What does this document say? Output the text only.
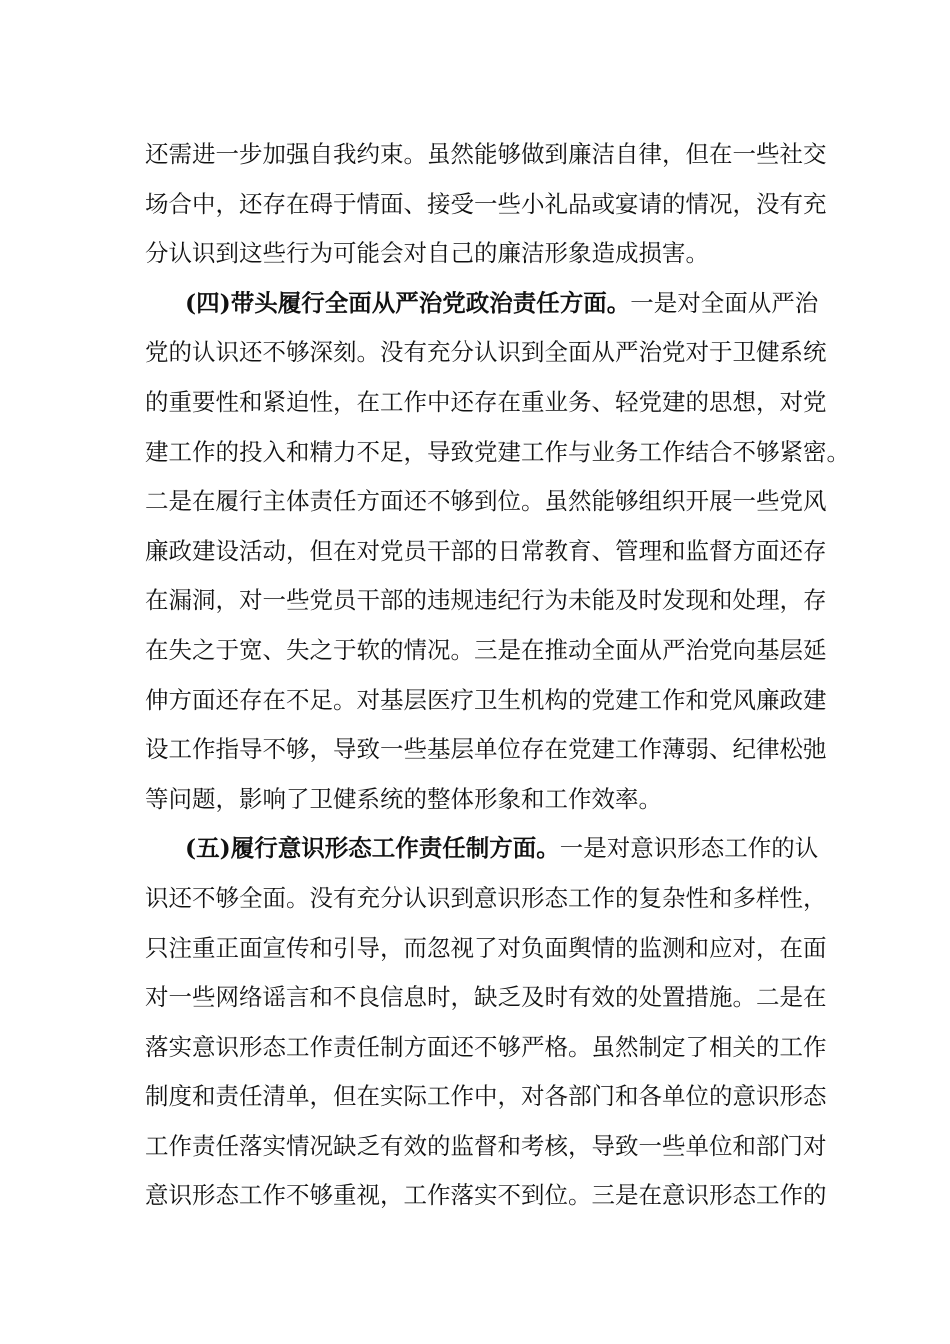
还需进一步加强自我约束。虽然能够做到廉洁自律，但在一些社交
场合中，还存在碍于情面、接受一些小礼品或宴请的情况，没有充
分认识到这些行为可能会对自己的廉洁形象造成损害。
(四)带头履行全面从严治党政治责任方面。一是对全面从严治
党的认识还不够深刻。没有充分认识到全面从严治党对于卫健系统
的重要性和紧迫性，在工作中还存在重业务、轻党建的思想，对党
建工作的投入和精力不足，导致党建工作与业务工作结合不够紧密。
二是在履行主体责任方面还不够到位。虽然能够组织开展一些党风
廉政建设活动，但在对党员干部的日常教育、管理和监督方面还存
在漏洞，对一些党员干部的违规违纪行为未能及时发现和处理，存
在失之于宽、失之于软的情况。三是在推动全面从严治党向基层延
伸方面还存在不足。对基层医疗卫生机构的党建工作和党风廉政建
设工作指导不够，导致一些基层单位存在党建工作薄弱、纪律松弛
等问题，影响了卫健系统的整体形象和工作效率。
(五)履行意识形态工作责任制方面。一是对意识形态工作的认
识还不够全面。没有充分认识到意识形态工作的复杂性和多样性，
只注重正面宣传和引导，而忽视了对负面舆情的监测和应对，在面
对一些网络谣言和不良信息时，缺乏及时有效的处置措施。二是在
落实意识形态工作责任制方面还不够严格。虽然制定了相关的工作
制度和责任清单，但在实际工作中，对各部门和各单位的意识形态
工作责任落实情况缺乏有效的监督和考核，导致一些单位和部门对
意识形态工作不够重视，工作落实不到位。三是在意识形态工作的
